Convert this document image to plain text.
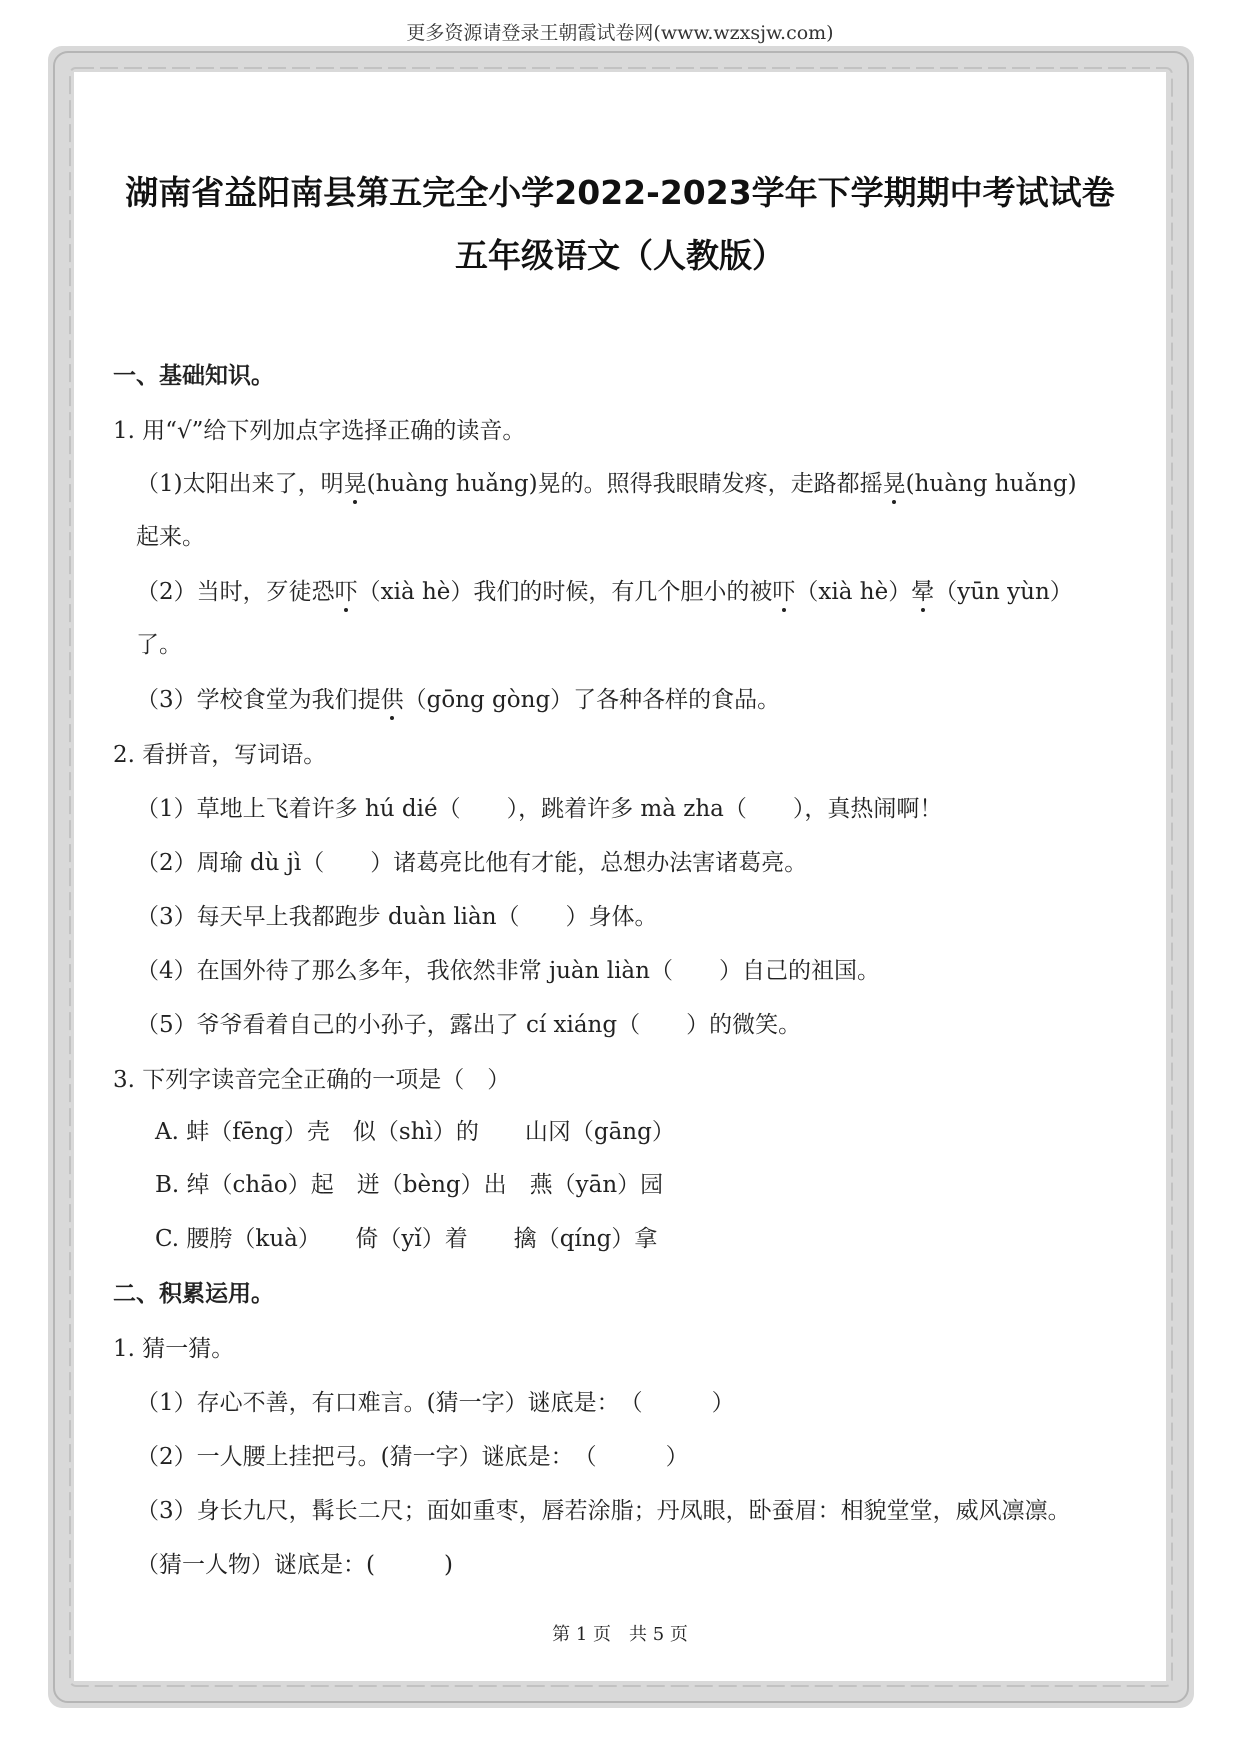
更多资源请登录王朝霞试卷网(www.wzxsjw.com)
湖南省益阳南县第五完全小学2022-2023学年下学期期中考试试卷
五年级语文（人教版）
一、基础知识。
1. 用“√”给下列加点字选择正确的读音。
（1)太阳出来了，明晃(huàng huǎng)晃的。照得我眼睛发疼，走路都摇晃(huàng huǎng)
起来。
（2）当时，歹徒恐吓（xià hè）我们的时候，有几个胆小的被吓（xià hè）晕（yūn yùn）
了。
（3）学校食堂为我们提供（gōng gòng）了各种各样的食品。
2. 看拼音，写词语。
（1）草地上飞着许多 hú dié（　　），跳着许多 mà zha（　　），真热闹啊！
（2）周瑜 dù jì（　　）诸葛亮比他有才能，总想办法害诸葛亮。
（3）每天早上我都跑步 duàn liàn（　　）身体。
（4）在国外待了那么多年，我依然非常 juàn liàn（　　）自己的祖国。
（5）爷爷看着自己的小孙子，露出了 cí xiáng（　　）的微笑。
3. 下列字读音完全正确的一项是（　）
A. 蚌（fēng）壳　似（shì）的　　山冈（gāng）
B. 绰（chāo）起　迸（bèng）出　燕（yān）园
C. 腰胯（kuà）　　倚（yǐ）着　　擒（qíng）拿
二、积累运用。
1. 猜一猜。
（1）存心不善，有口难言。(猜一字）谜底是：　（　　　）
（2）一人腰上挂把弓。(猜一字）谜底是：　（　　　）
（3）身长九尺，髯长二尺；面如重枣，唇若涂脂；丹凤眼，卧蚕眉：相貌堂堂，威风凛凛。
（猜一人物）谜底是：(　　　)
第 1 页　共 5 页
